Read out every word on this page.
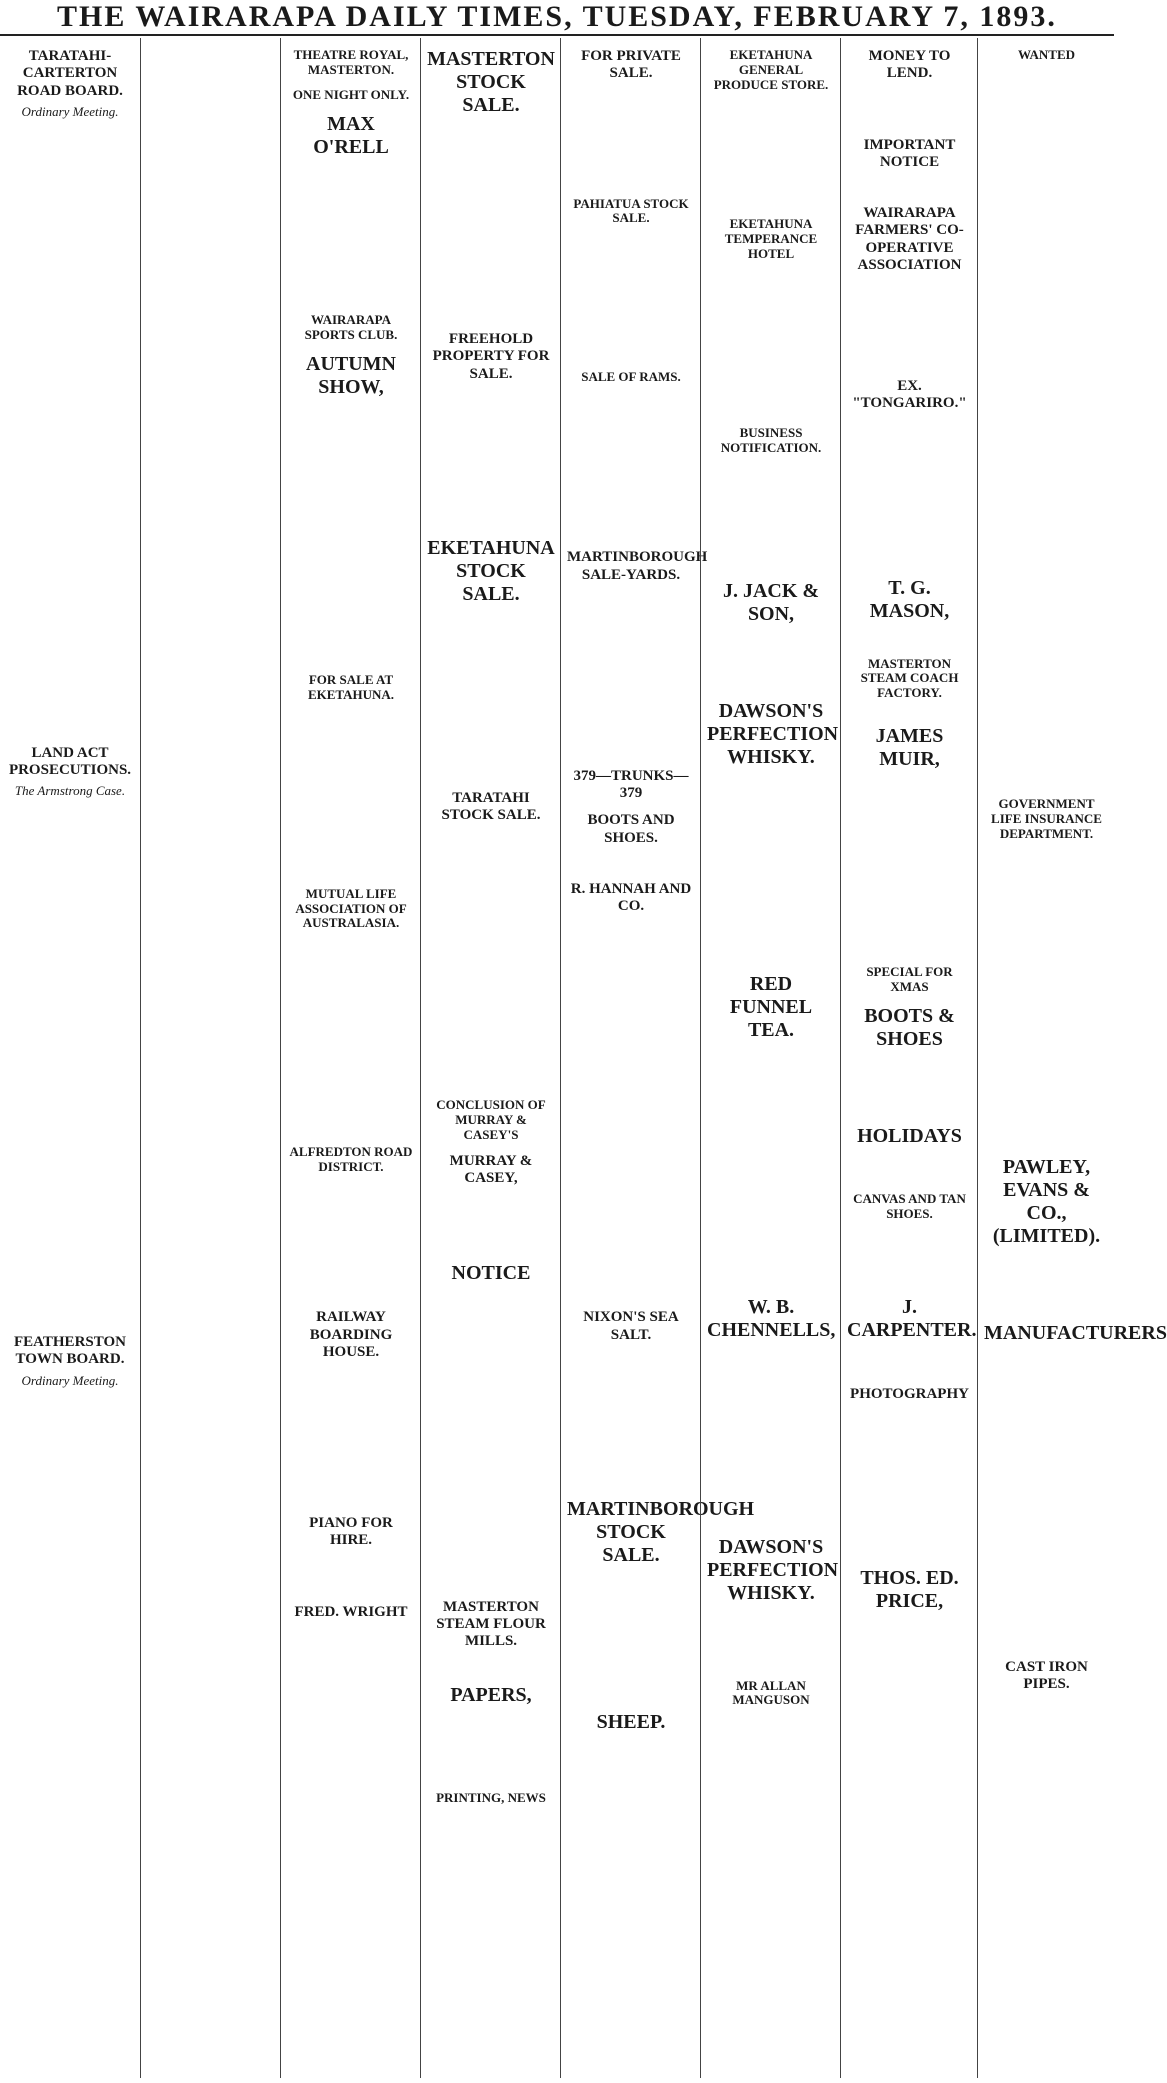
THE WAIRARAPA DAILY TIMES, TUESDAY, FEBRUARY 7, 1893.
TARATAHI-CARTERTON ROAD BOARD.
Ordinary Meeting.
LAND ACT PROSECUTIONS.
The Armstrong Case.
FEATHERSTON TOWN BOARD.
Ordinary Meeting.
THEATRE ROYAL, MASTERTON.
ONE NIGHT ONLY.
MAX O'RELL
WAIRARAPA SPORTS CLUB.
AUTUMN SHOW,
FOR SALE AT EKETAHUNA.
MUTUAL LIFE ASSOCIATION OF AUSTRALASIA.
ALFREDTON ROAD DISTRICT.
RAILWAY BOARDING HOUSE.
PIANO FOR HIRE.
FRED. WRIGHT
MASTERTON STOCK SALE.
FREEHOLD PROPERTY FOR SALE.
EKETAHUNA STOCK SALE.
TARATAHI STOCK SALE.
CONCLUSION OF MURRAY & CASEY'S
MURRAY & CASEY,
NOTICE
MASTERTON STEAM FLOUR MILLS.
PAPERS,
PRINTING, NEWS
FOR PRIVATE SALE.
PAHIATUA STOCK SALE.
SALE OF RAMS.
MARTINBOROUGH SALE-YARDS.
379—TRUNKS—379
BOOTS AND SHOES.
R. HANNAH AND CO.
NIXON'S SEA SALT.
MARTINBOROUGH STOCK SALE.
SHEEP.
EKETAHUNA GENERAL PRODUCE STORE.
EKETAHUNA TEMPERANCE HOTEL
BUSINESS NOTIFICATION.
J. JACK & SON,
DAWSON'S PERFECTION WHISKY.
RED FUNNEL TEA.
W. B. CHENNELLS,
DAWSON'S PERFECTION WHISKY.
MR ALLAN MANGUSON
MONEY TO LEND.
IMPORTANT NOTICE
WAIRARAPA FARMERS' CO-OPERATIVE ASSOCIATION
EX. "TONGARIRO."
T. G. MASON,
MASTERTON STEAM COACH FACTORY.
JAMES MUIR,
SPECIAL FOR XMAS
BOOTS & SHOES
HOLIDAYS
CANVAS AND TAN SHOES.
J. CARPENTER.
PHOTOGRAPHY
THOS. ED. PRICE,
WANTED
GOVERNMENT LIFE INSURANCE DEPARTMENT.
PAWLEY, EVANS & CO., (LIMITED).
MANUFACTURERS
CAST IRON PIPES.
